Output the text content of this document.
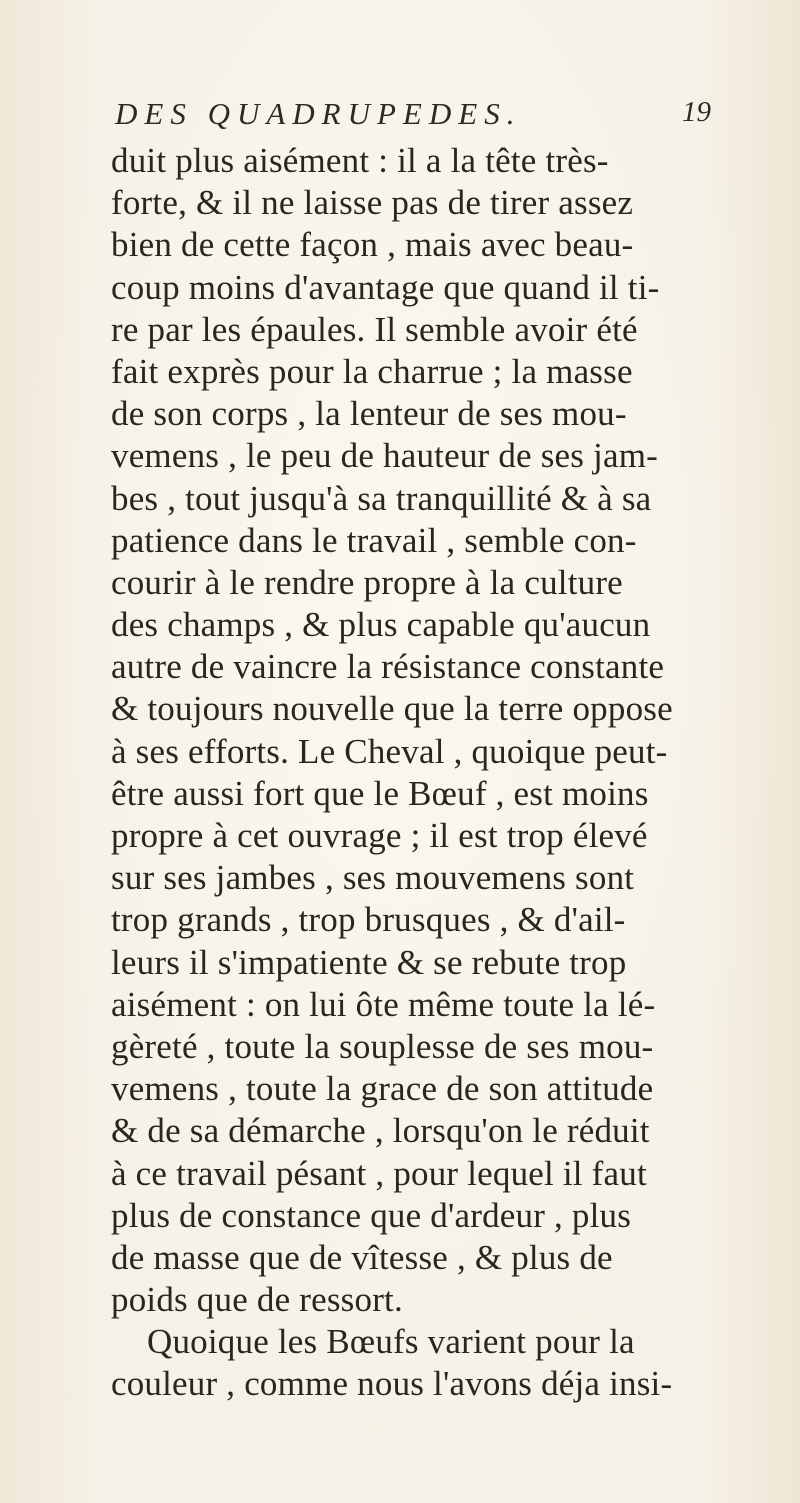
DES QUADRUPEDES.	19
duit plus aisément : il a la tête très-
forte, & il ne laisse pas de tirer assez
bien de cette façon , mais avec beau-
coup moins d'avantage que quand il ti-
re par les épaules. Il semble avoir été
fait exprès pour la charrue ; la masse
de son corps , la lenteur de ses mou-
vemens , le peu de hauteur de ses jam-
bes , tout jusqu'à sa tranquillité & à sa
patience dans le travail , semble con-
courir à le rendre propre à la culture
des champs , & plus capable qu'aucun
autre de vaincre la résistance constante
& toujours nouvelle que la terre oppose
à ses efforts. Le Cheval , quoique peut-
être aussi fort que le Bœuf , est moins
propre à cet ouvrage ; il est trop élevé
sur ses jambes , ses mouvemens sont
trop grands , trop brusques , & d'ail-
leurs il s'impatiente & se rebute trop
aisément : on lui ôte même toute la lé-
gèreté , toute la souplesse de ses mou-
vemens , toute la grace de son attitude
& de sa démarche , lorsqu'on le réduit
à ce travail pésant , pour lequel il faut
plus de constance que d'ardeur , plus
de masse que de vîtesse , & plus de
poids que de ressort.
Quoique les Bœufs varient pour la
couleur , comme nous l'avons déja insi-
